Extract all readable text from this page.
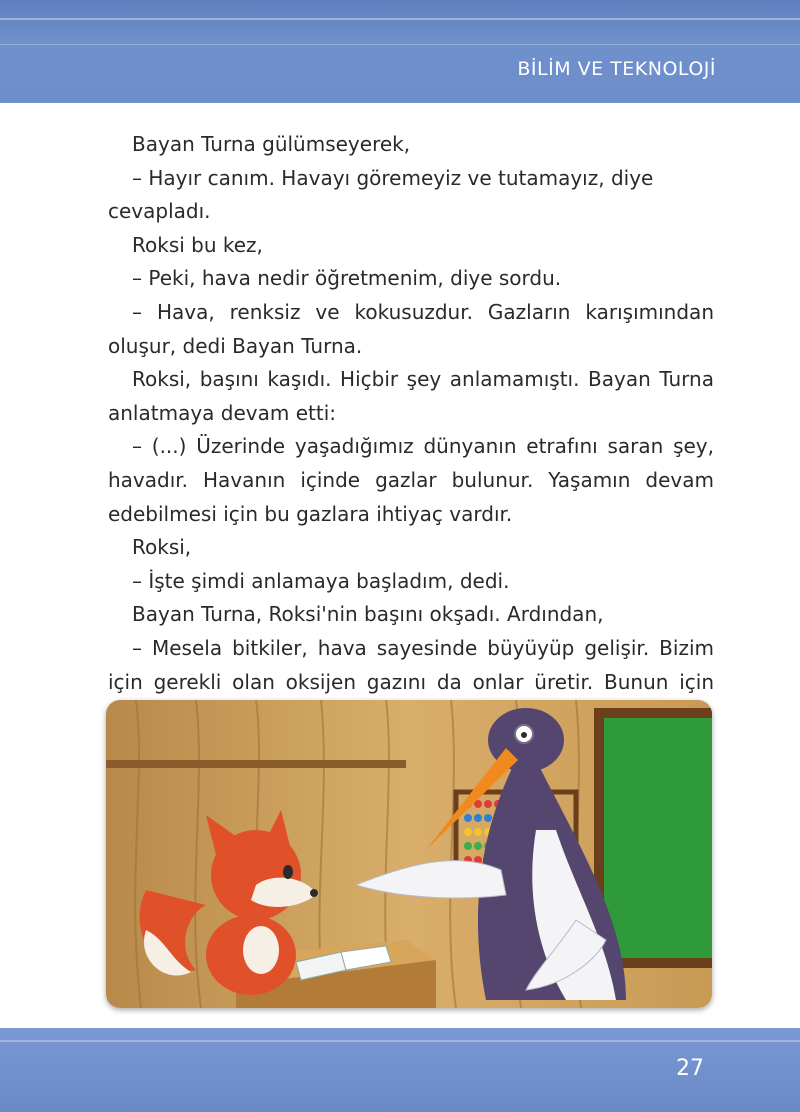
BİLİM VE TEKNOLOJİ

Bayan Turna gülümseyerek,

– Hayır canım. Havayı göremeyiz ve tutamayız, diye cevapladı.

Roksi bu kez,

– Peki, hava nedir öğretmenim, diye sordu.

– Hava, renksiz ve kokusuzdur. Gazların karışımından oluşur, dedi Bayan Turna.

Roksi, başını kaşıdı. Hiçbir şey anlamamıştı. Bayan Turna anlatmaya devam etti:

– (...) Üzerinde yaşadığımız dünyanın etrafını saran şey, havadır. Havanın içinde gazlar bulunur. Yaşamın devam edebilmesi için bu gazlara ihtiyaç vardır.

Roksi,

– İşte şimdi anlamaya başladım, dedi.

Bayan Turna, Roksi'nin başını okşadı. Ardından,

– Mesela bitkiler, hava sayesinde büyüyüp gelişir. Bizim için gerekli olan oksijen gazını da onlar üretir. Bunun için

27
